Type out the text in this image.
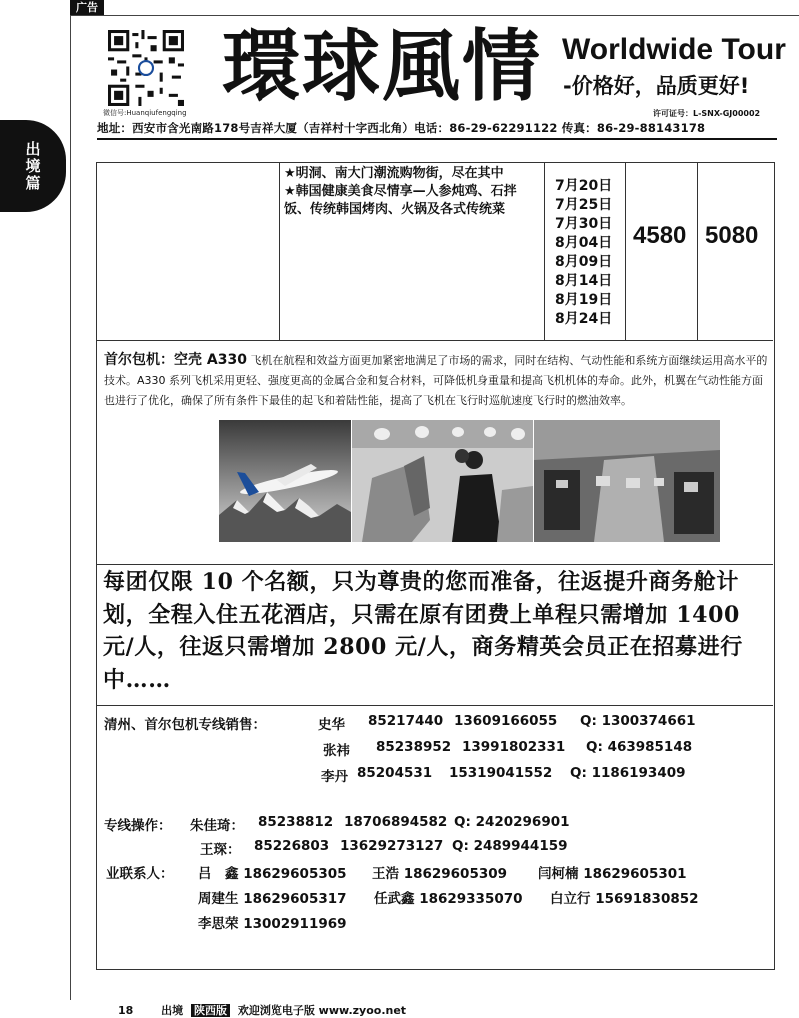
广告
微信号:Huanqiufengqing
環球風情 Worldwide Tour
-价格好，品质更好!
许可证号：L-SNX-GJ00002
地址：西安市含光南路178号吉祥大厦（吉祥村十字西北角）电话：86-29-62291122 传真：86-29-88143178
出
境
篇	★明洞、南大门潮流购物街，尽在其中

★韩国健康美食尽情享—人参炖鸡、石拌饭、传统韩国烤肉、火锅及各式传统菜

7月20日
7月25日
7月30日
8月04日
8月09日
8月14日
8月19日
8月24日
4580 5080
首尔包机：空壳 A330 飞机在航程和效益方面更加紧密地满足了市场的需求，同时在结构、气动性能和系统方面继续运用高水平的技术。A330 系列飞机采用更轻、强度更高的金属合金和复合材料，可降低机身重量和提高飞机机体的寿命。此外，机翼在气动性能方面也进行了优化，确保了所有条件下最佳的起飞和着陆性能，提高了飞机在飞行时巡航速度飞行时的燃油效率。
每团仅限 10 个名额，只为尊贵的您而准备，往返提升商务舱计划，全程入住五花酒店，只需在原有团费上单程只需增加 1400 元/人，往返只需增加 2800 元/人，商务精英会员正在招募进行中……
清州、首尔包机专线销售：	史华 85217440 13609166055 Q: 1300374661
张祎 85238952 13991802331 Q: 463985148
李丹 85204531 15319041552 Q: 1186193409
专线操作： 朱佳琦： 85238812 18706894582 Q: 2420296901
王琛： 85226803 13629273127 Q: 2489944159
业联系人： 吕　鑫 18629605305 王浩 18629605309 闫柯楠 18629605301
周建生 18629605317 任武鑫 18629335070 白立行 15691830852
李思荣 13002911969
18	出境 陕西版 欢迎浏览电子版 www.zyoo.net
